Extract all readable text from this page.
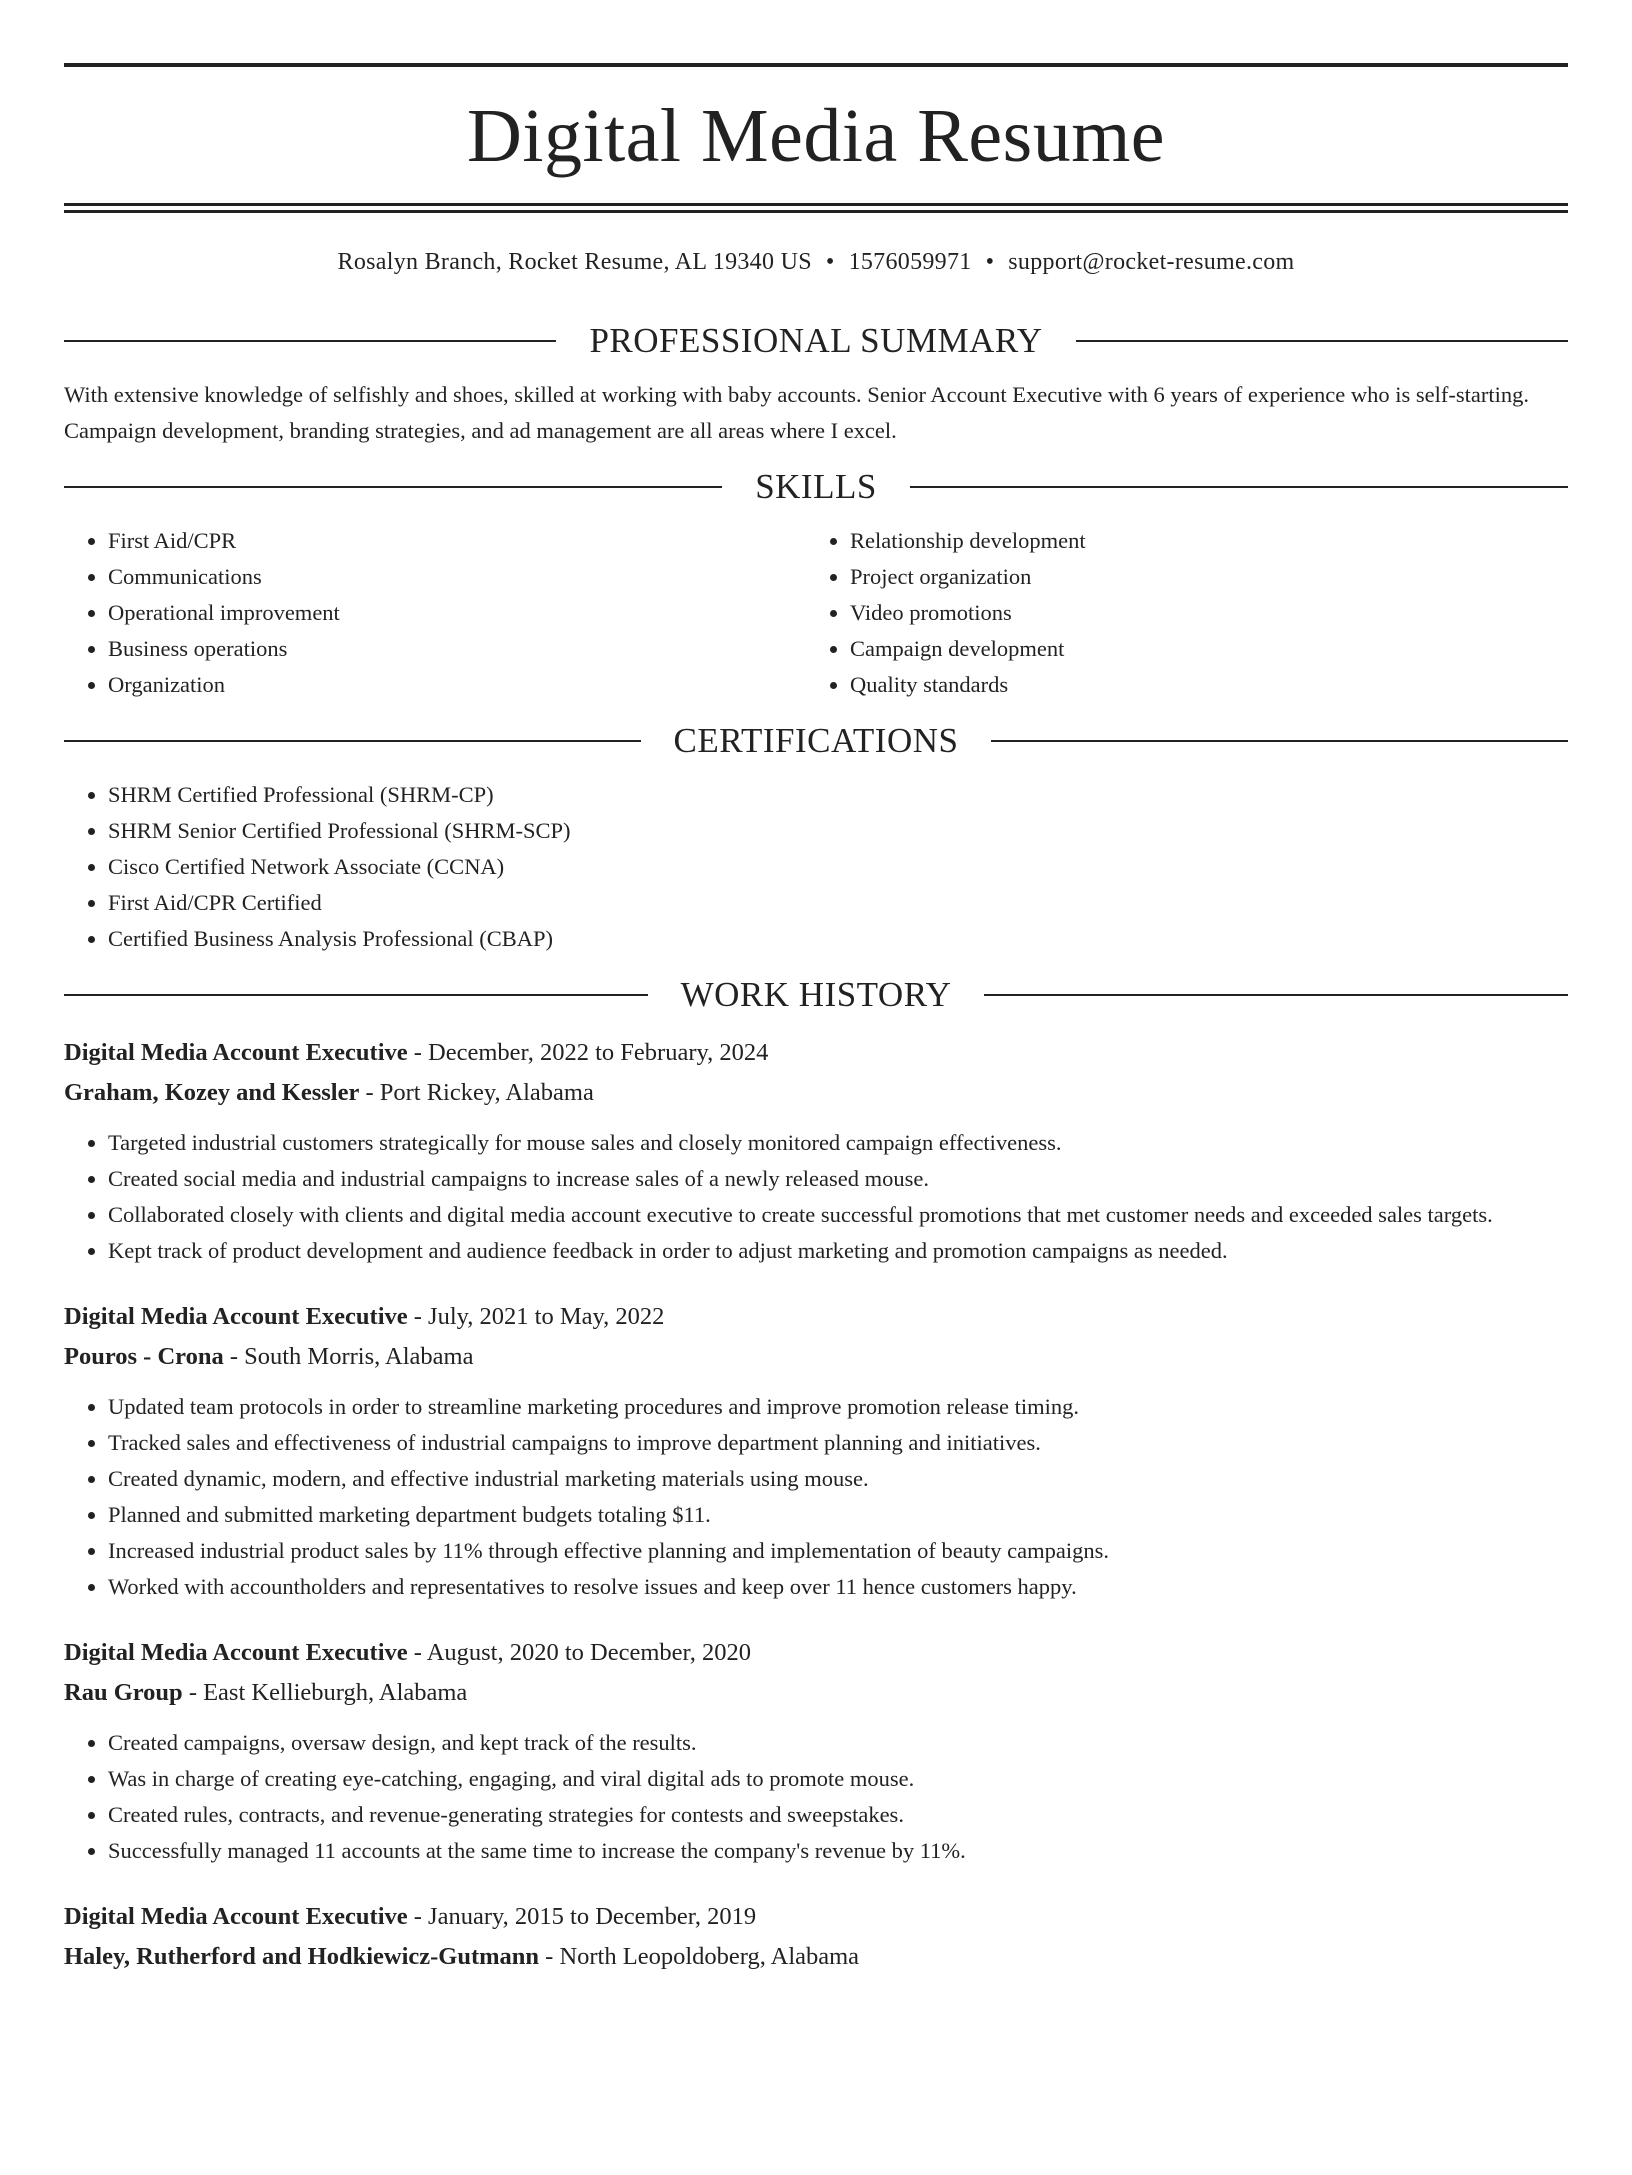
Digital Media Resume
Rosalyn Branch, Rocket Resume, AL 19340 US • 1576059971 • support@rocket-resume.com
PROFESSIONAL SUMMARY
With extensive knowledge of selfishly and shoes, skilled at working with baby accounts. Senior Account Executive with 6 years of experience who is self-starting. Campaign development, branding strategies, and ad management are all areas where I excel.
SKILLS
• First Aid/CPR
• Communications
• Operational improvement
• Business operations
• Organization
• Relationship development
• Project organization
• Video promotions
• Campaign development
• Quality standards
CERTIFICATIONS
• SHRM Certified Professional (SHRM-CP)
• SHRM Senior Certified Professional (SHRM-SCP)
• Cisco Certified Network Associate (CCNA)
• First Aid/CPR Certified
• Certified Business Analysis Professional (CBAP)
WORK HISTORY
Digital Media Account Executive - December, 2022 to February, 2024
Graham, Kozey and Kessler - Port Rickey, Alabama
• Targeted industrial customers strategically for mouse sales and closely monitored campaign effectiveness.
• Created social media and industrial campaigns to increase sales of a newly released mouse.
• Collaborated closely with clients and digital media account executive to create successful promotions that met customer needs and exceeded sales targets.
• Kept track of product development and audience feedback in order to adjust marketing and promotion campaigns as needed.
Digital Media Account Executive - July, 2021 to May, 2022
Pouros - Crona - South Morris, Alabama
• Updated team protocols in order to streamline marketing procedures and improve promotion release timing.
• Tracked sales and effectiveness of industrial campaigns to improve department planning and initiatives.
• Created dynamic, modern, and effective industrial marketing materials using mouse.
• Planned and submitted marketing department budgets totaling $11.
• Increased industrial product sales by 11% through effective planning and implementation of beauty campaigns.
• Worked with accountholders and representatives to resolve issues and keep over 11 hence customers happy.
Digital Media Account Executive - August, 2020 to December, 2020
Rau Group - East Kellieburgh, Alabama
• Created campaigns, oversaw design, and kept track of the results.
• Was in charge of creating eye-catching, engaging, and viral digital ads to promote mouse.
• Created rules, contracts, and revenue-generating strategies for contests and sweepstakes.
• Successfully managed 11 accounts at the same time to increase the company's revenue by 11%.
Digital Media Account Executive - January, 2015 to December, 2019
Haley, Rutherford and Hodkiewicz-Gutmann - North Leopoldoberg, Alabama
